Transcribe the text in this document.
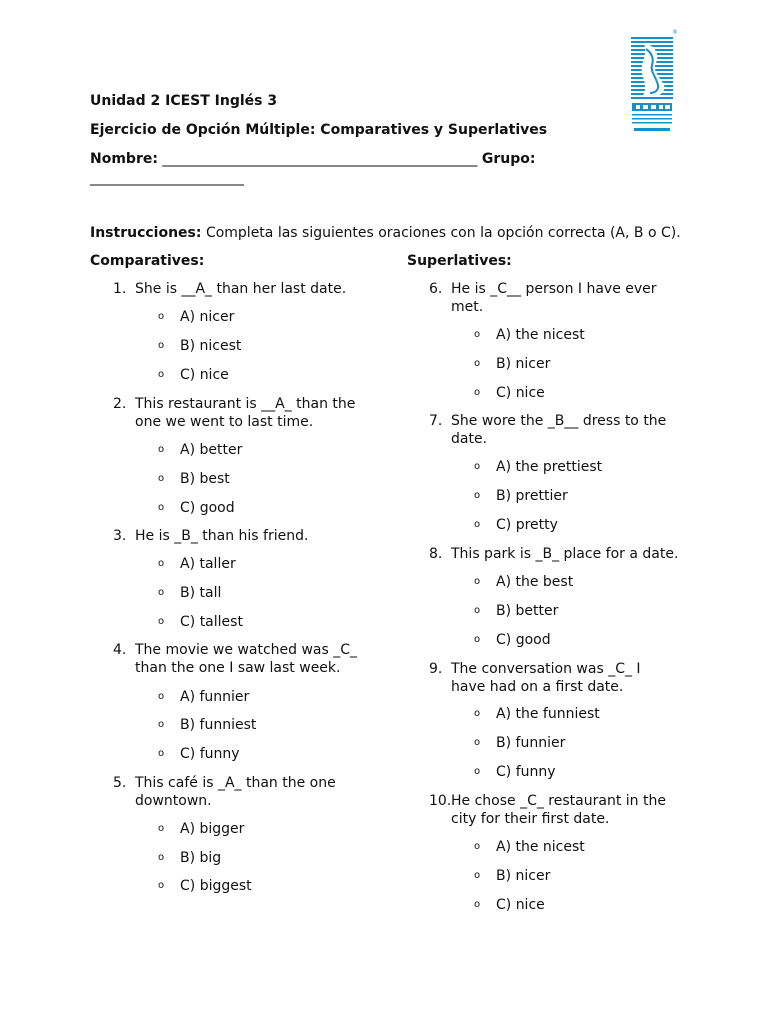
®
Unidad 2 ICEST Inglés 3
Ejercicio de Opción Múltiple: Comparatives y Superlatives
Nombre: _____________________________________________ Grupo:
______________________
Instrucciones: Completa las siguientes oraciones con la opción correcta (A, B o C).
Comparatives:
1. She is __A_ than her last date.
o A) nicer
o B) nicest
o C) nice
2. This restaurant is __A_ than the one we went to last time.
o A) better
o B) best
o C) good
3. He is _B_ than his friend.
o A) taller
o B) tall
o C) tallest
4. The movie we watched was _C_ than the one I saw last week.
o A) funnier
o B) funniest
o C) funny
5. This café is _A_ than the one downtown.
o A) bigger
o B) big
o C) biggest
Superlatives:
6. He is _C__ person I have ever met.
o A) the nicest
o B) nicer
o C) nice
7. She wore the _B__ dress to the date.
o A) the prettiest
o B) prettier
o C) pretty
8. This park is _B_ place for a date.
o A) the best
o B) better
o C) good
9. The conversation was _C_ I have had on a first date.
o A) the funniest
o B) funnier
o C) funny
10. He chose _C_ restaurant in the city for their first date.
o A) the nicest
o B) nicer
o C) nice
